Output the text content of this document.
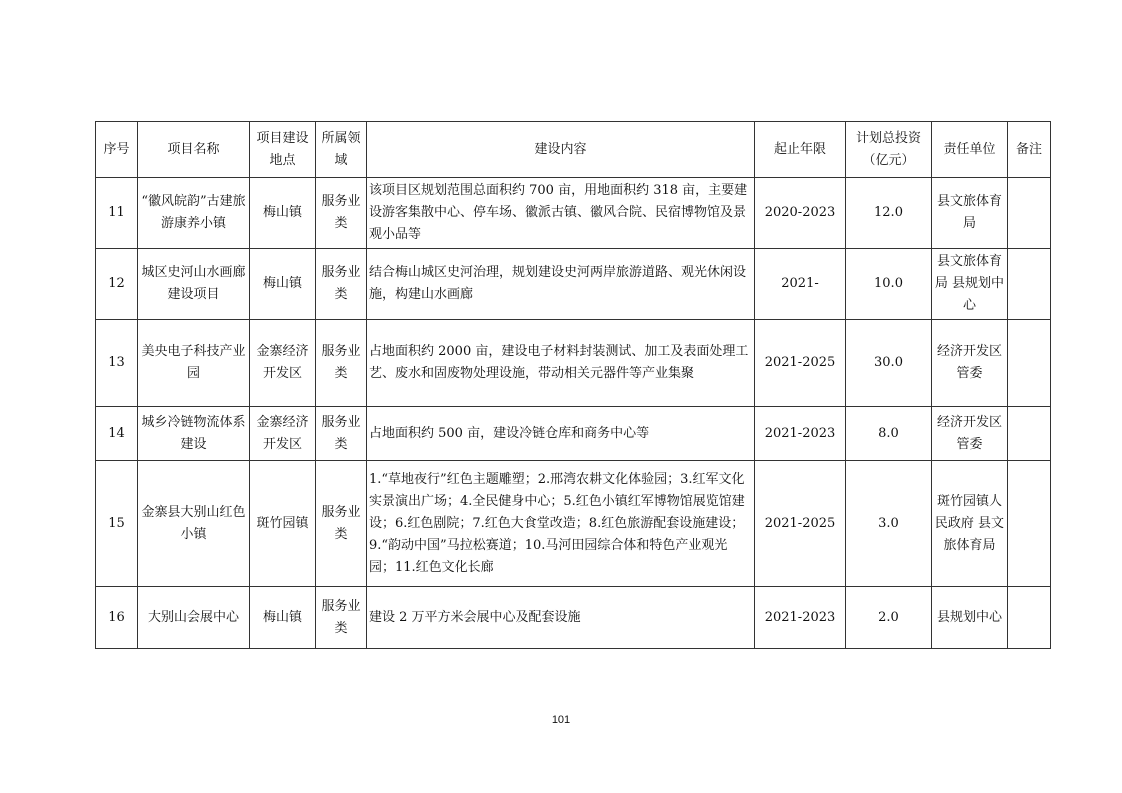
序号	项目名称	项目建设地点	所属领域	建设内容	起止年限	计划总投资（亿元）	责任单位	备注
11	“徽风皖韵”古建旅游康养小镇	梅山镇	服务业类	该项目区规划范围总面积约 700 亩，用地面积约 318 亩，主要建设游客集散中心、停车场、徽派古镇、徽风合院、民宿博物馆及景观小品等	2020-2023	12.0	县文旅体育局	
12	城区史河山水画廊建设项目	梅山镇	服务业类	结合梅山城区史河治理，规划建设史河两岸旅游道路、观光休闲设施，构建山水画廊	2021-	10.0	县文旅体育局 县规划中心	
13	美央电子科技产业园	金寨经济开发区	服务业类	占地面积约 2000 亩，建设电子材料封装测试、加工及表面处理工艺、废水和固废物处理设施，带动相关元器件等产业集聚	2021-2025	30.0	经济开发区管委	
14	城乡冷链物流体系建设	金寨经济开发区	服务业类	占地面积约 500 亩，建设冷链仓库和商务中心等	2021-2023	8.0	经济开发区管委	
15	金寨县大别山红色小镇	斑竹园镇	服务业类	1.“草地夜行”红色主题雕塑；2.邢湾农耕文化体验园；3.红军文化实景演出广场；4.全民健身中心；5.红色小镇红军博物馆展览馆建设；6.红色剧院；7.红色大食堂改造；8.红色旅游配套设施建设；9.“韵动中国”马拉松赛道；10.马河田园综合体和特色产业观光园；11.红色文化长廊	2021-2025	3.0	斑竹园镇人民政府 县文旅体育局	
16	大别山会展中心	梅山镇	服务业类	建设 2 万平方米会展中心及配套设施	2021-2023	2.0	县规划中心	
101
